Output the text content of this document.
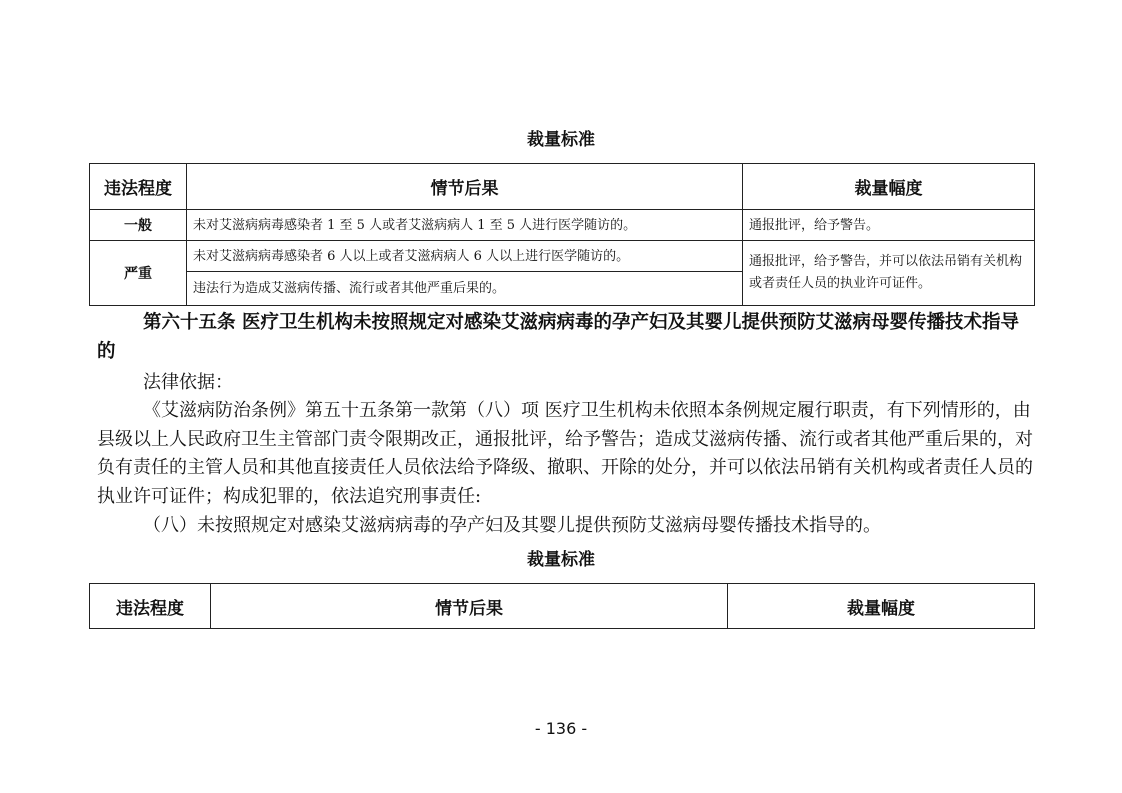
裁量标准
违法程度	情节后果	裁量幅度
一般	未对艾滋病病毒感染者 1 至 5 人或者艾滋病病人 1 至 5 人进行医学随访的。	通报批评，给予警告。
严重	未对艾滋病病毒感染者 6 人以上或者艾滋病病人 6 人以上进行医学随访的。	通报批评，给予警告，并可以依法吊销有关机构或者责任人员的执业许可证件。
	违法行为造成艾滋病传播、流行或者其他严重后果的。	

第六十五条 医疗卫生机构未按照规定对感染艾滋病病毒的孕产妇及其婴儿提供预防艾滋病母婴传播技术指导的

法律依据：

《艾滋病防治条例》第五十五条第一款第（八）项 医疗卫生机构未依照本条例规定履行职责，有下列情形的，由县级以上人民政府卫生主管部门责令限期改正，通报批评，给予警告；造成艾滋病传播、流行或者其他严重后果的，对负有责任的主管人员和其他直接责任人员依法给予降级、撤职、开除的处分，并可以依法吊销有关机构或者责任人员的执业许可证件；构成犯罪的，依法追究刑事责任:

（八）未按照规定对感染艾滋病病毒的孕产妇及其婴儿提供预防艾滋病母婴传播技术指导的。

裁量标准
违法程度	情节后果	裁量幅度
- 136 -
